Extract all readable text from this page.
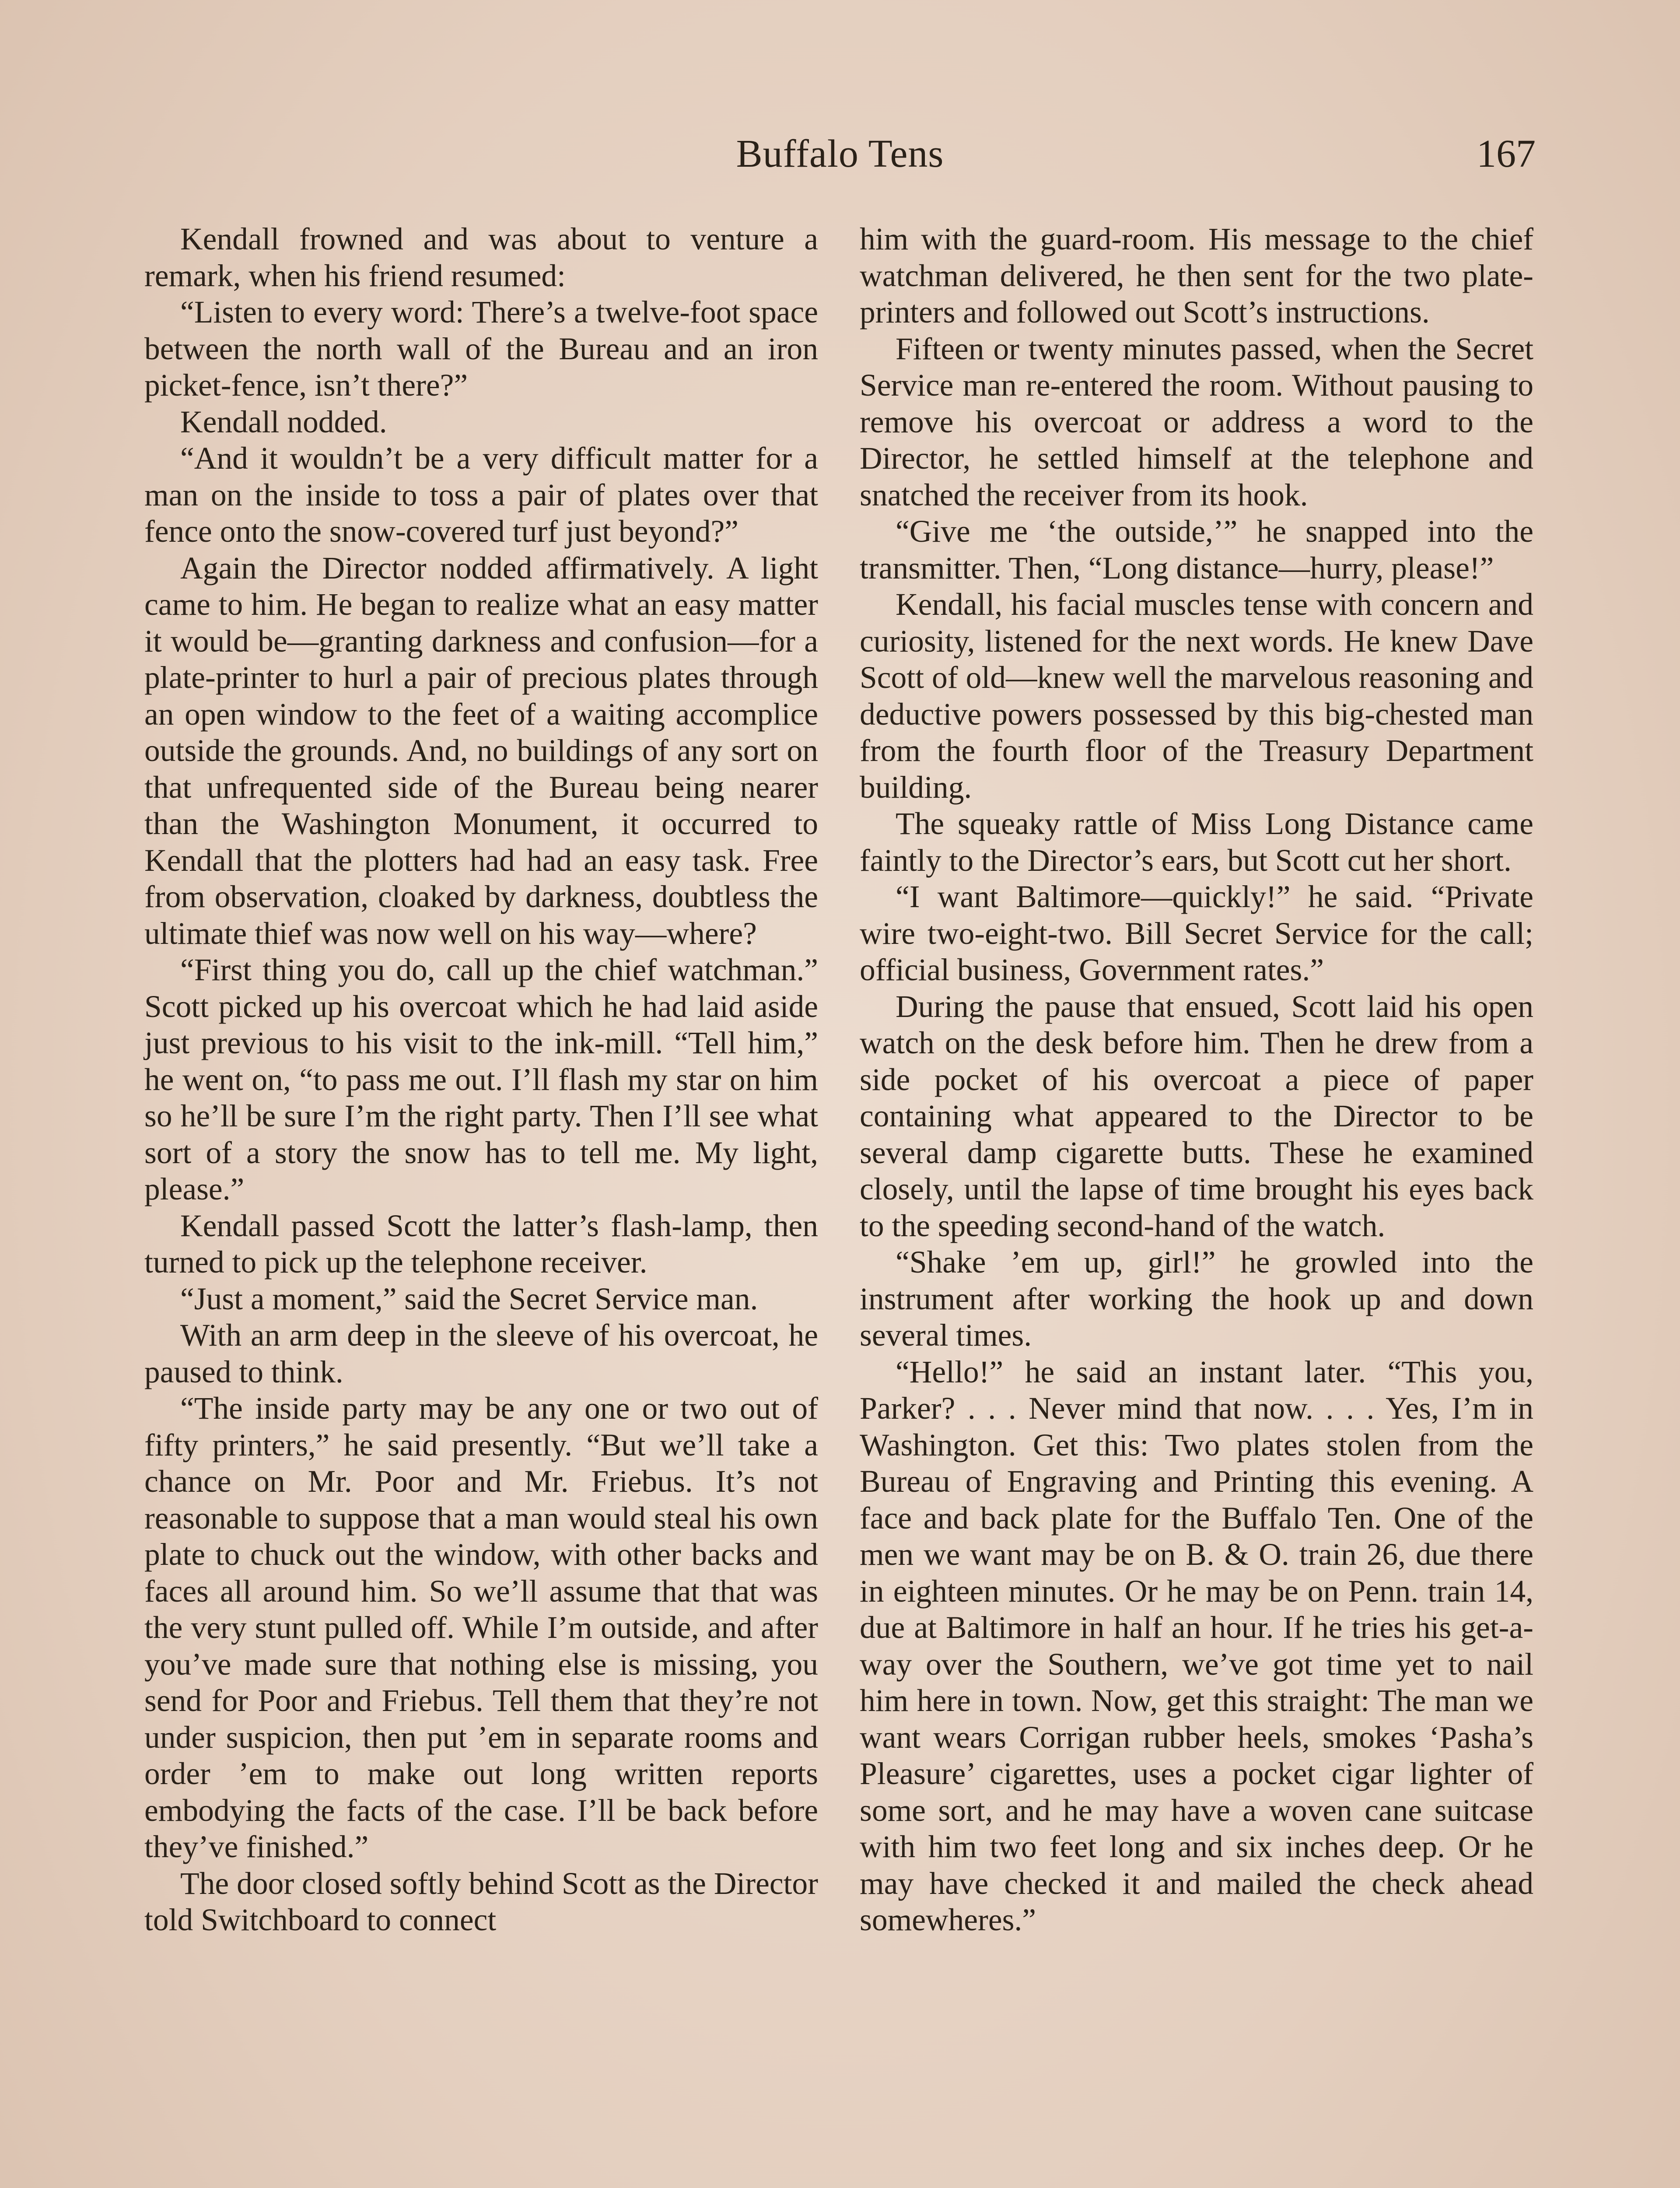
Buffalo Tens	167

Kendall frowned and was about to venture a remark, when his friend resumed:

“Listen to every word: There’s a twelve-foot space between the north wall of the Bureau and an iron picket-fence, isn’t there?”

Kendall nodded.

“And it wouldn’t be a very difficult matter for a man on the inside to toss a pair of plates over that fence onto the snow-covered turf just beyond?”

Again the Director nodded affirmatively. A light came to him. He began to realize what an easy matter it would be—granting darkness and confusion—for a plate-printer to hurl a pair of precious plates through an open window to the feet of a waiting accomplice outside the grounds. And, no buildings of any sort on that unfrequented side of the Bureau being nearer than the Washington Monument, it occurred to Kendall that the plotters had had an easy task. Free from observation, cloaked by darkness, doubtless the ultimate thief was now well on his way—where?

“First thing you do, call up the chief watchman.” Scott picked up his overcoat which he had laid aside just previous to his visit to the ink-mill. “Tell him,” he went on, “to pass me out. I’ll flash my star on him so he’ll be sure I’m the right party. Then I’ll see what sort of a story the snow has to tell me. My light, please.”

Kendall passed Scott the latter’s flash-lamp, then turned to pick up the telephone receiver.

“Just a moment,” said the Secret Service man.

With an arm deep in the sleeve of his overcoat, he paused to think.

“The inside party may be any one or two out of fifty printers,” he said presently. “But we’ll take a chance on Mr. Poor and Mr. Friebus. It’s not reasonable to suppose that a man would steal his own plate to chuck out the window, with other backs and faces all around him. So we’ll assume that that was the very stunt pulled off. While I’m outside, and after you’ve made sure that nothing else is missing, you send for Poor and Friebus. Tell them that they’re not under suspicion, then put ’em in separate rooms and order ’em to make out long written reports embodying the facts of the case. I’ll be back before they’ve finished.”

The door closed softly behind Scott as the Director told Switchboard to connect

him with the guard-room. His message to the chief watchman delivered, he then sent for the two plate-printers and followed out Scott’s instructions.

Fifteen or twenty minutes passed, when the Secret Service man re-entered the room. Without pausing to remove his overcoat or address a word to the Director, he settled himself at the telephone and snatched the receiver from its hook.

“Give me ‘the outside,’” he snapped into the transmitter. Then, “Long distance—hurry, please!”

Kendall, his facial muscles tense with concern and curiosity, listened for the next words. He knew Dave Scott of old—knew well the marvelous reasoning and deductive powers possessed by this big-chested man from the fourth floor of the Treasury Department building.

The squeaky rattle of Miss Long Distance came faintly to the Director’s ears, but Scott cut her short.

“I want Baltimore—quickly!” he said. “Private wire two-eight-two. Bill Secret Service for the call; official business, Government rates.”

During the pause that ensued, Scott laid his open watch on the desk before him. Then he drew from a side pocket of his overcoat a piece of paper containing what appeared to the Director to be several damp cigarette butts. These he examined closely, until the lapse of time brought his eyes back to the speeding second-hand of the watch.

“Shake ’em up, girl!” he growled into the instrument after working the hook up and down several times.

“Hello!” he said an instant later. “This you, Parker? . . . Never mind that now. . . . Yes, I’m in Washington. Get this: Two plates stolen from the Bureau of Engraving and Printing this evening. A face and back plate for the Buffalo Ten. One of the men we want may be on B. & O. train 26, due there in eighteen minutes. Or he may be on Penn. train 14, due at Baltimore in half an hour. If he tries his get-a-way over the Southern, we’ve got time yet to nail him here in town. Now, get this straight: The man we want wears Corrigan rubber heels, smokes ‘Pasha’s Pleasure’ cigarettes, uses a pocket cigar lighter of some sort, and he may have a woven cane suitcase with him two feet long and six inches deep. Or he may have checked it and mailed the check ahead somewheres.”
